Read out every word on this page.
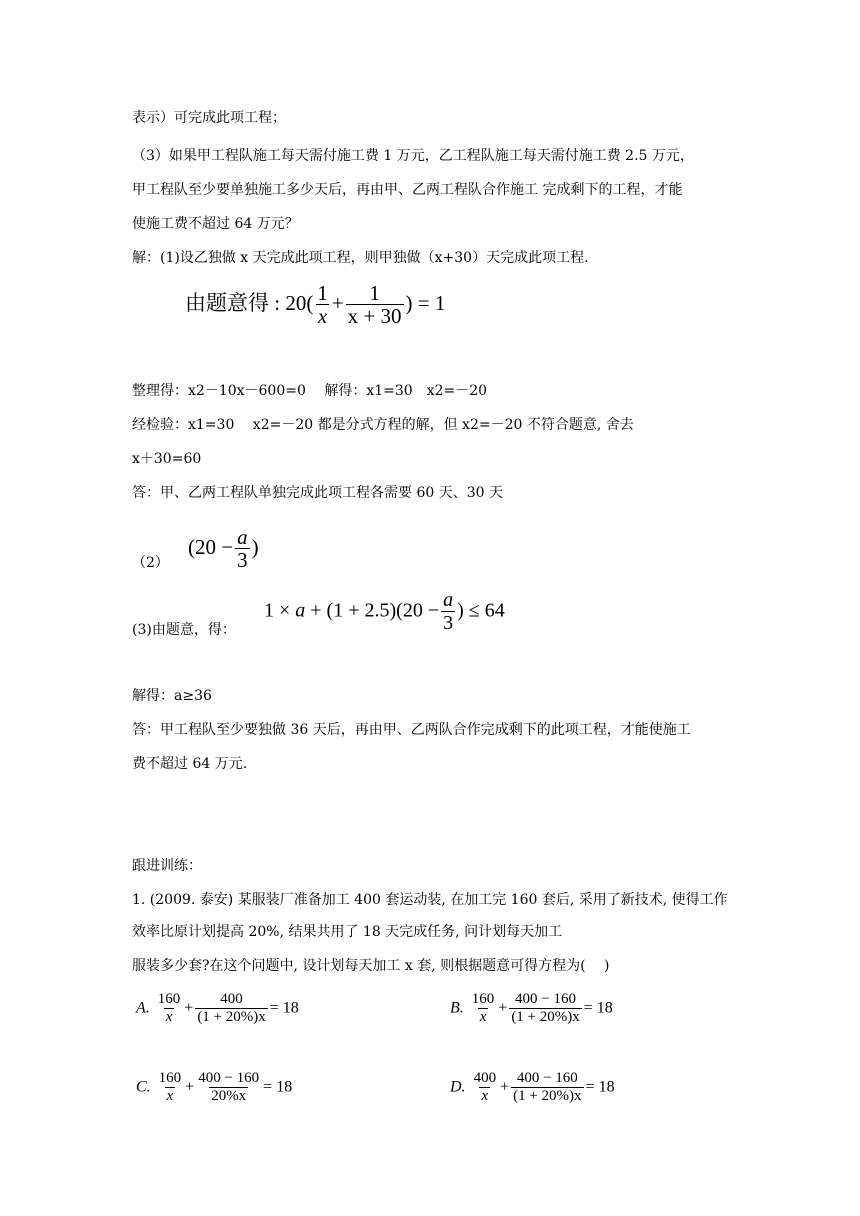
表示）可完成此项工程；
（3）如果甲工程队施工每天需付施工费 1 万元，乙工程队施工每天需付施工费 2.5 万元，
甲工程队至少要单独施工多少天后，再由甲、乙两工程队合作施工 完成剩下的工程，才能
使施工费不超过 64 万元？
解：(1)设乙独做 x 天完成此项工程，则甲独做（x+30）天完成此项工程.
由题意得 : $20( \frac{1}{x} + \frac{1}{x + 30}$ ) = 1
整理得：x2－10x－600=0　 解得：x1=30　x2=－20
经检验：x1=30　 x2=－20 都是分式方程的解，但 x2=－20 不符合题意, 舍去
x＋30=60
答：甲、乙两工程队单独完成此项工程各需要 60 天、30 天
（2）
($20 - \frac{a}{3}$ )
$1 \times a + (1 + 2.5)(20 - \frac{a}{3}$ ) ≤ 64
(3)由题意，得：
解得：a≥36
答：甲工程队至少要独做 36 天后，再由甲、乙两队合作完成剩下的此项工程，才能使施工
费不超过 64 万元.
跟进训练：
1. (2009. 泰安) 某服装厂准备加工 400 套运动装, 在加工完 160 套后, 采用了新技术, 使得工作
效率比原计划提高 20%, 结果共用了 18 天完成任务, 问计划每天加工
服装多少套?在这个问题中, 设计划每天加工 x 套, 则根据题意可得方程为(　 )
A. $\frac{160}{x} + \frac{400}{(1 + 20\%)x} = 18$	B. $\frac{160}{x} + \frac{400 - 160}{(1 + 20\%)x} = 18$
C. $\frac{160}{x} + \frac{400 - 160}{20\%x} = 18$	D. $\frac{400}{x} + \frac{400 - 160}{(1 + 20\%)x} = 18$
